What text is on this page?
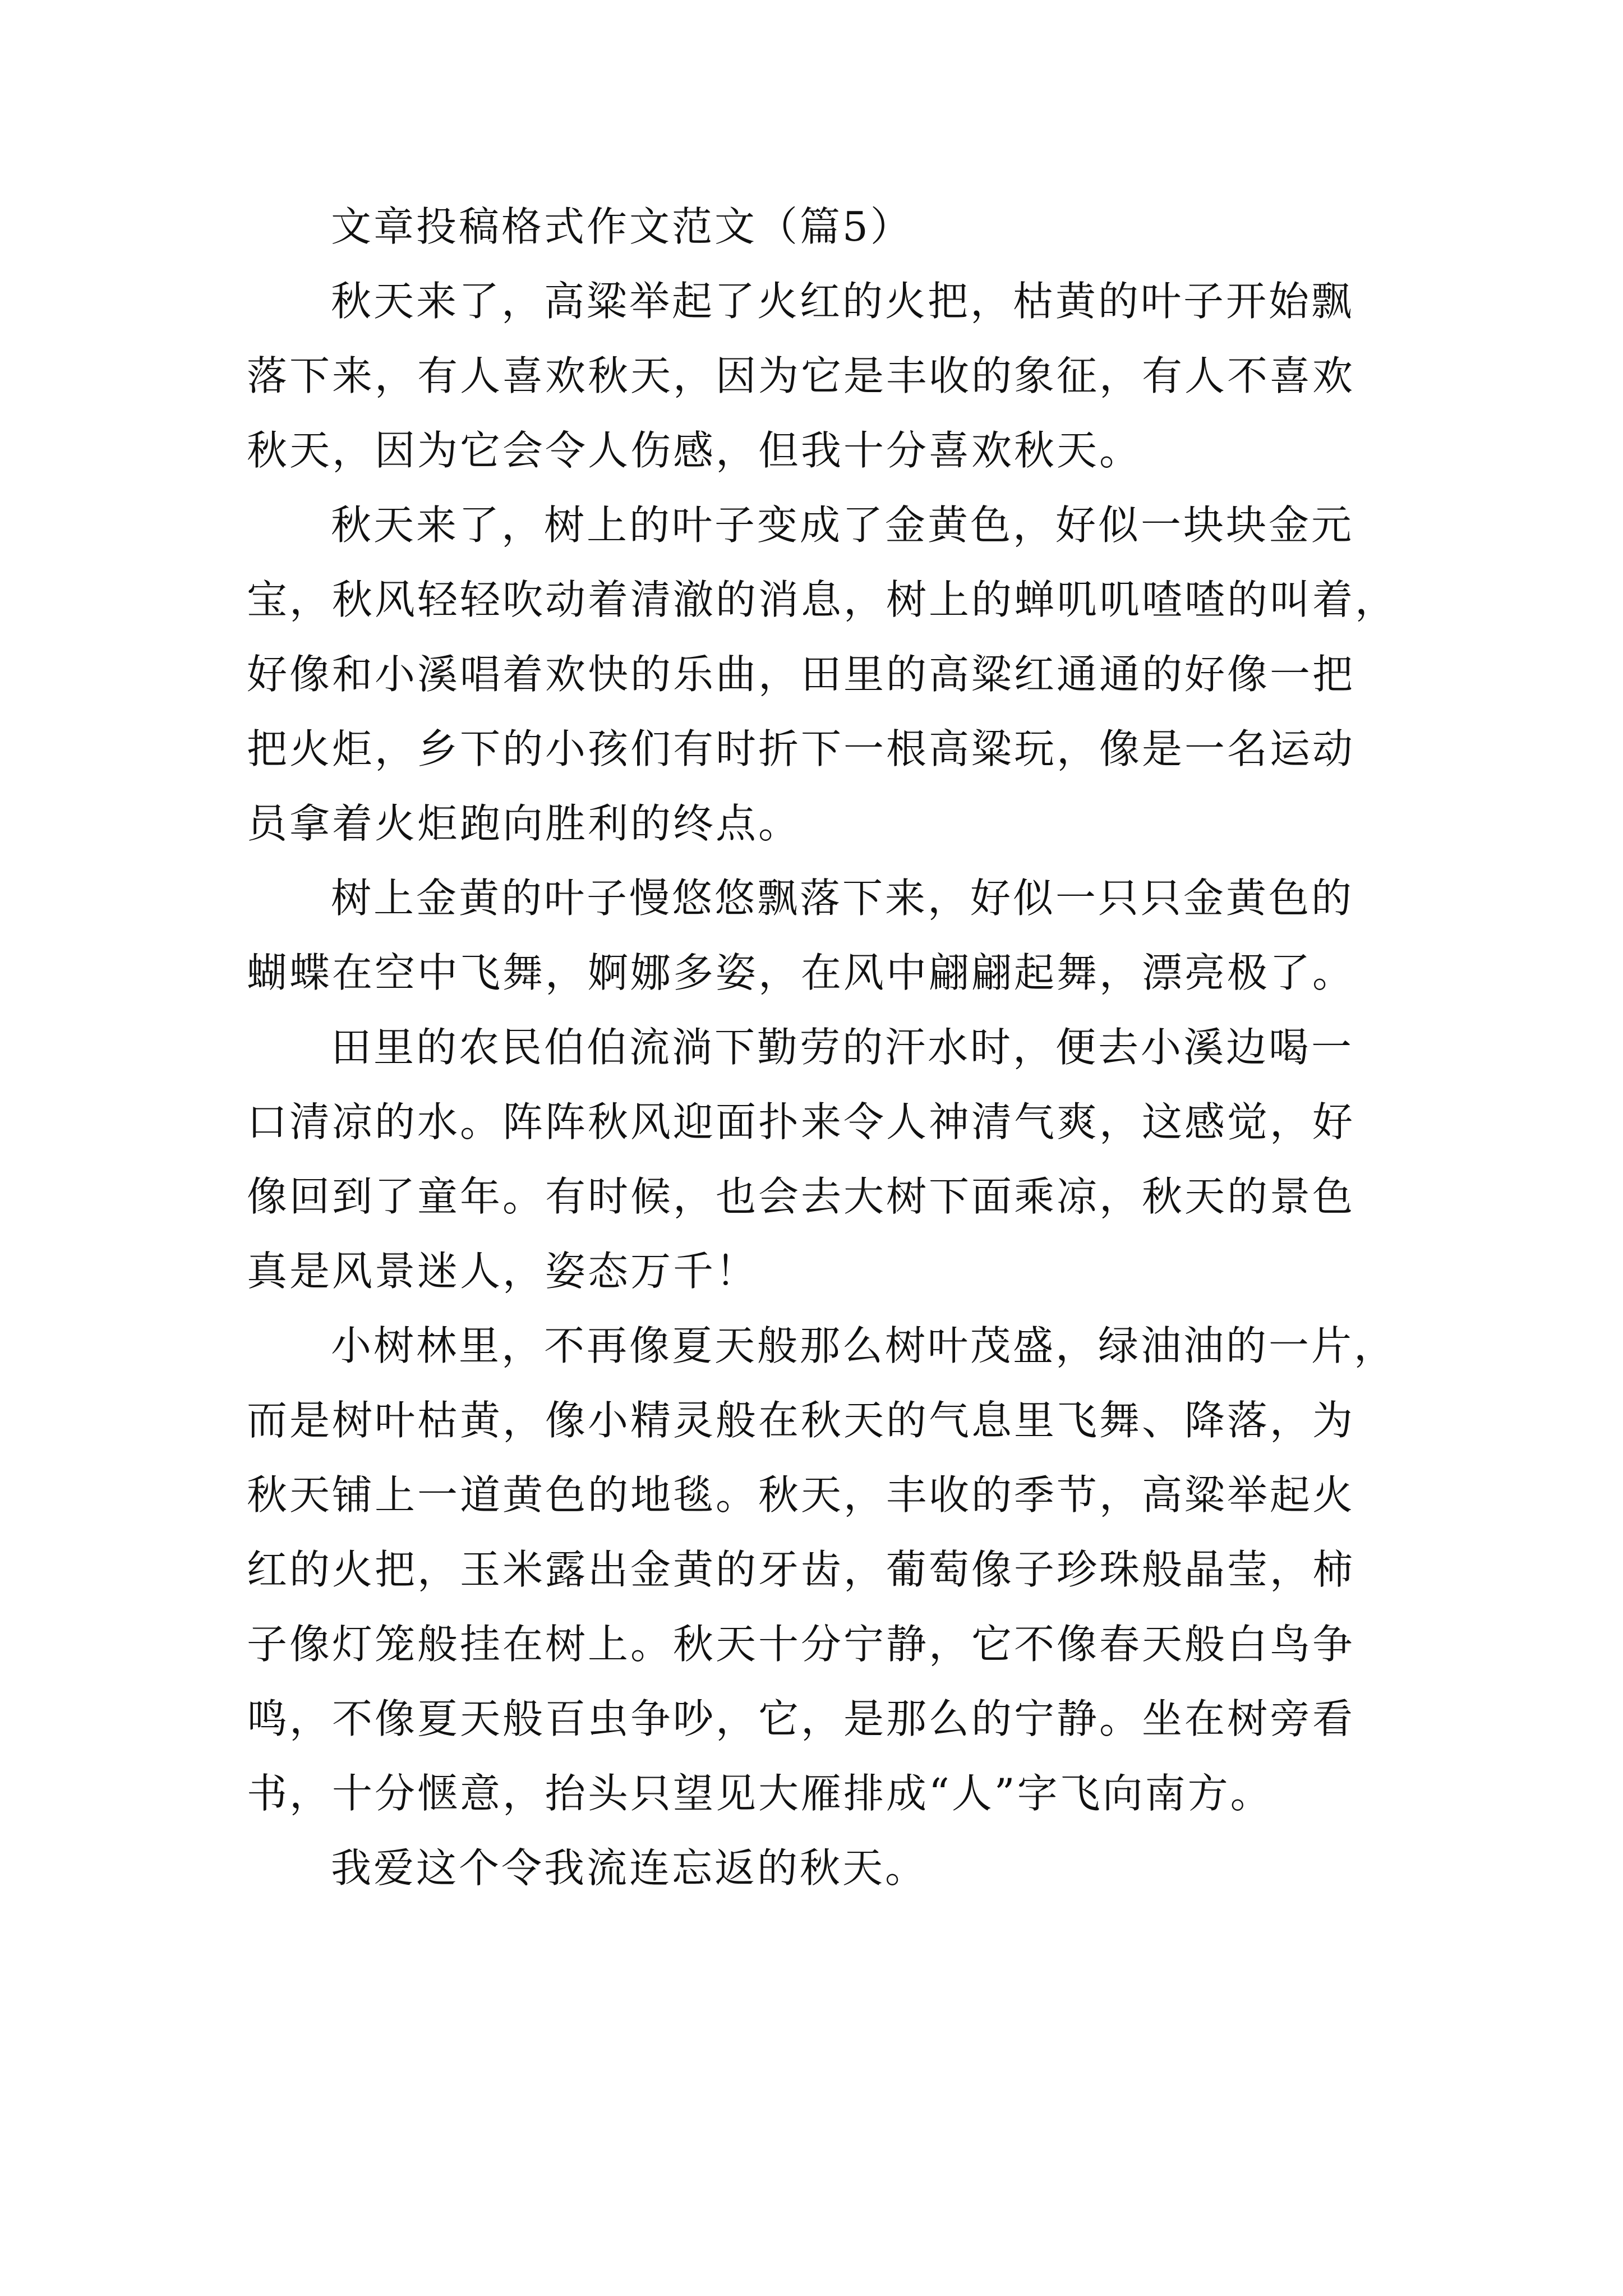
文章投稿格式作文范文（篇5）
秋天来了，高粱举起了火红的火把，枯黄的叶子开始飘
落下来，有人喜欢秋天，因为它是丰收的象征，有人不喜欢
秋天，因为它会令人伤感，但我十分喜欢秋天。
秋天来了，树上的叶子变成了金黄色，好似一块块金元
宝，秋风轻轻吹动着清澈的消息，树上的蝉叽叽喳喳的叫着，
好像和小溪唱着欢快的乐曲，田里的高粱红通通的好像一把
把火炬，乡下的小孩们有时折下一根高粱玩，像是一名运动
员拿着火炬跑向胜利的终点。
树上金黄的叶子慢悠悠飘落下来，好似一只只金黄色的
蝴蝶在空中飞舞，婀娜多姿，在风中翩翩起舞，漂亮极了。
田里的农民伯伯流淌下勤劳的汗水时，便去小溪边喝一
口清凉的水。阵阵秋风迎面扑来令人神清气爽，这感觉，好
像回到了童年。有时候，也会去大树下面乘凉，秋天的景色
真是风景迷人，姿态万千！
小树林里，不再像夏天般那么树叶茂盛，绿油油的一片，
而是树叶枯黄，像小精灵般在秋天的气息里飞舞、降落，为
秋天铺上一道黄色的地毯。秋天，丰收的季节，高粱举起火
红的火把，玉米露出金黄的牙齿，葡萄像子珍珠般晶莹，柿
子像灯笼般挂在树上。秋天十分宁静，它不像春天般白鸟争
鸣，不像夏天般百虫争吵，它，是那么的宁静。坐在树旁看
书，十分惬意，抬头只望见大雁排成“人”字飞向南方。
我爱这个令我流连忘返的秋天。
